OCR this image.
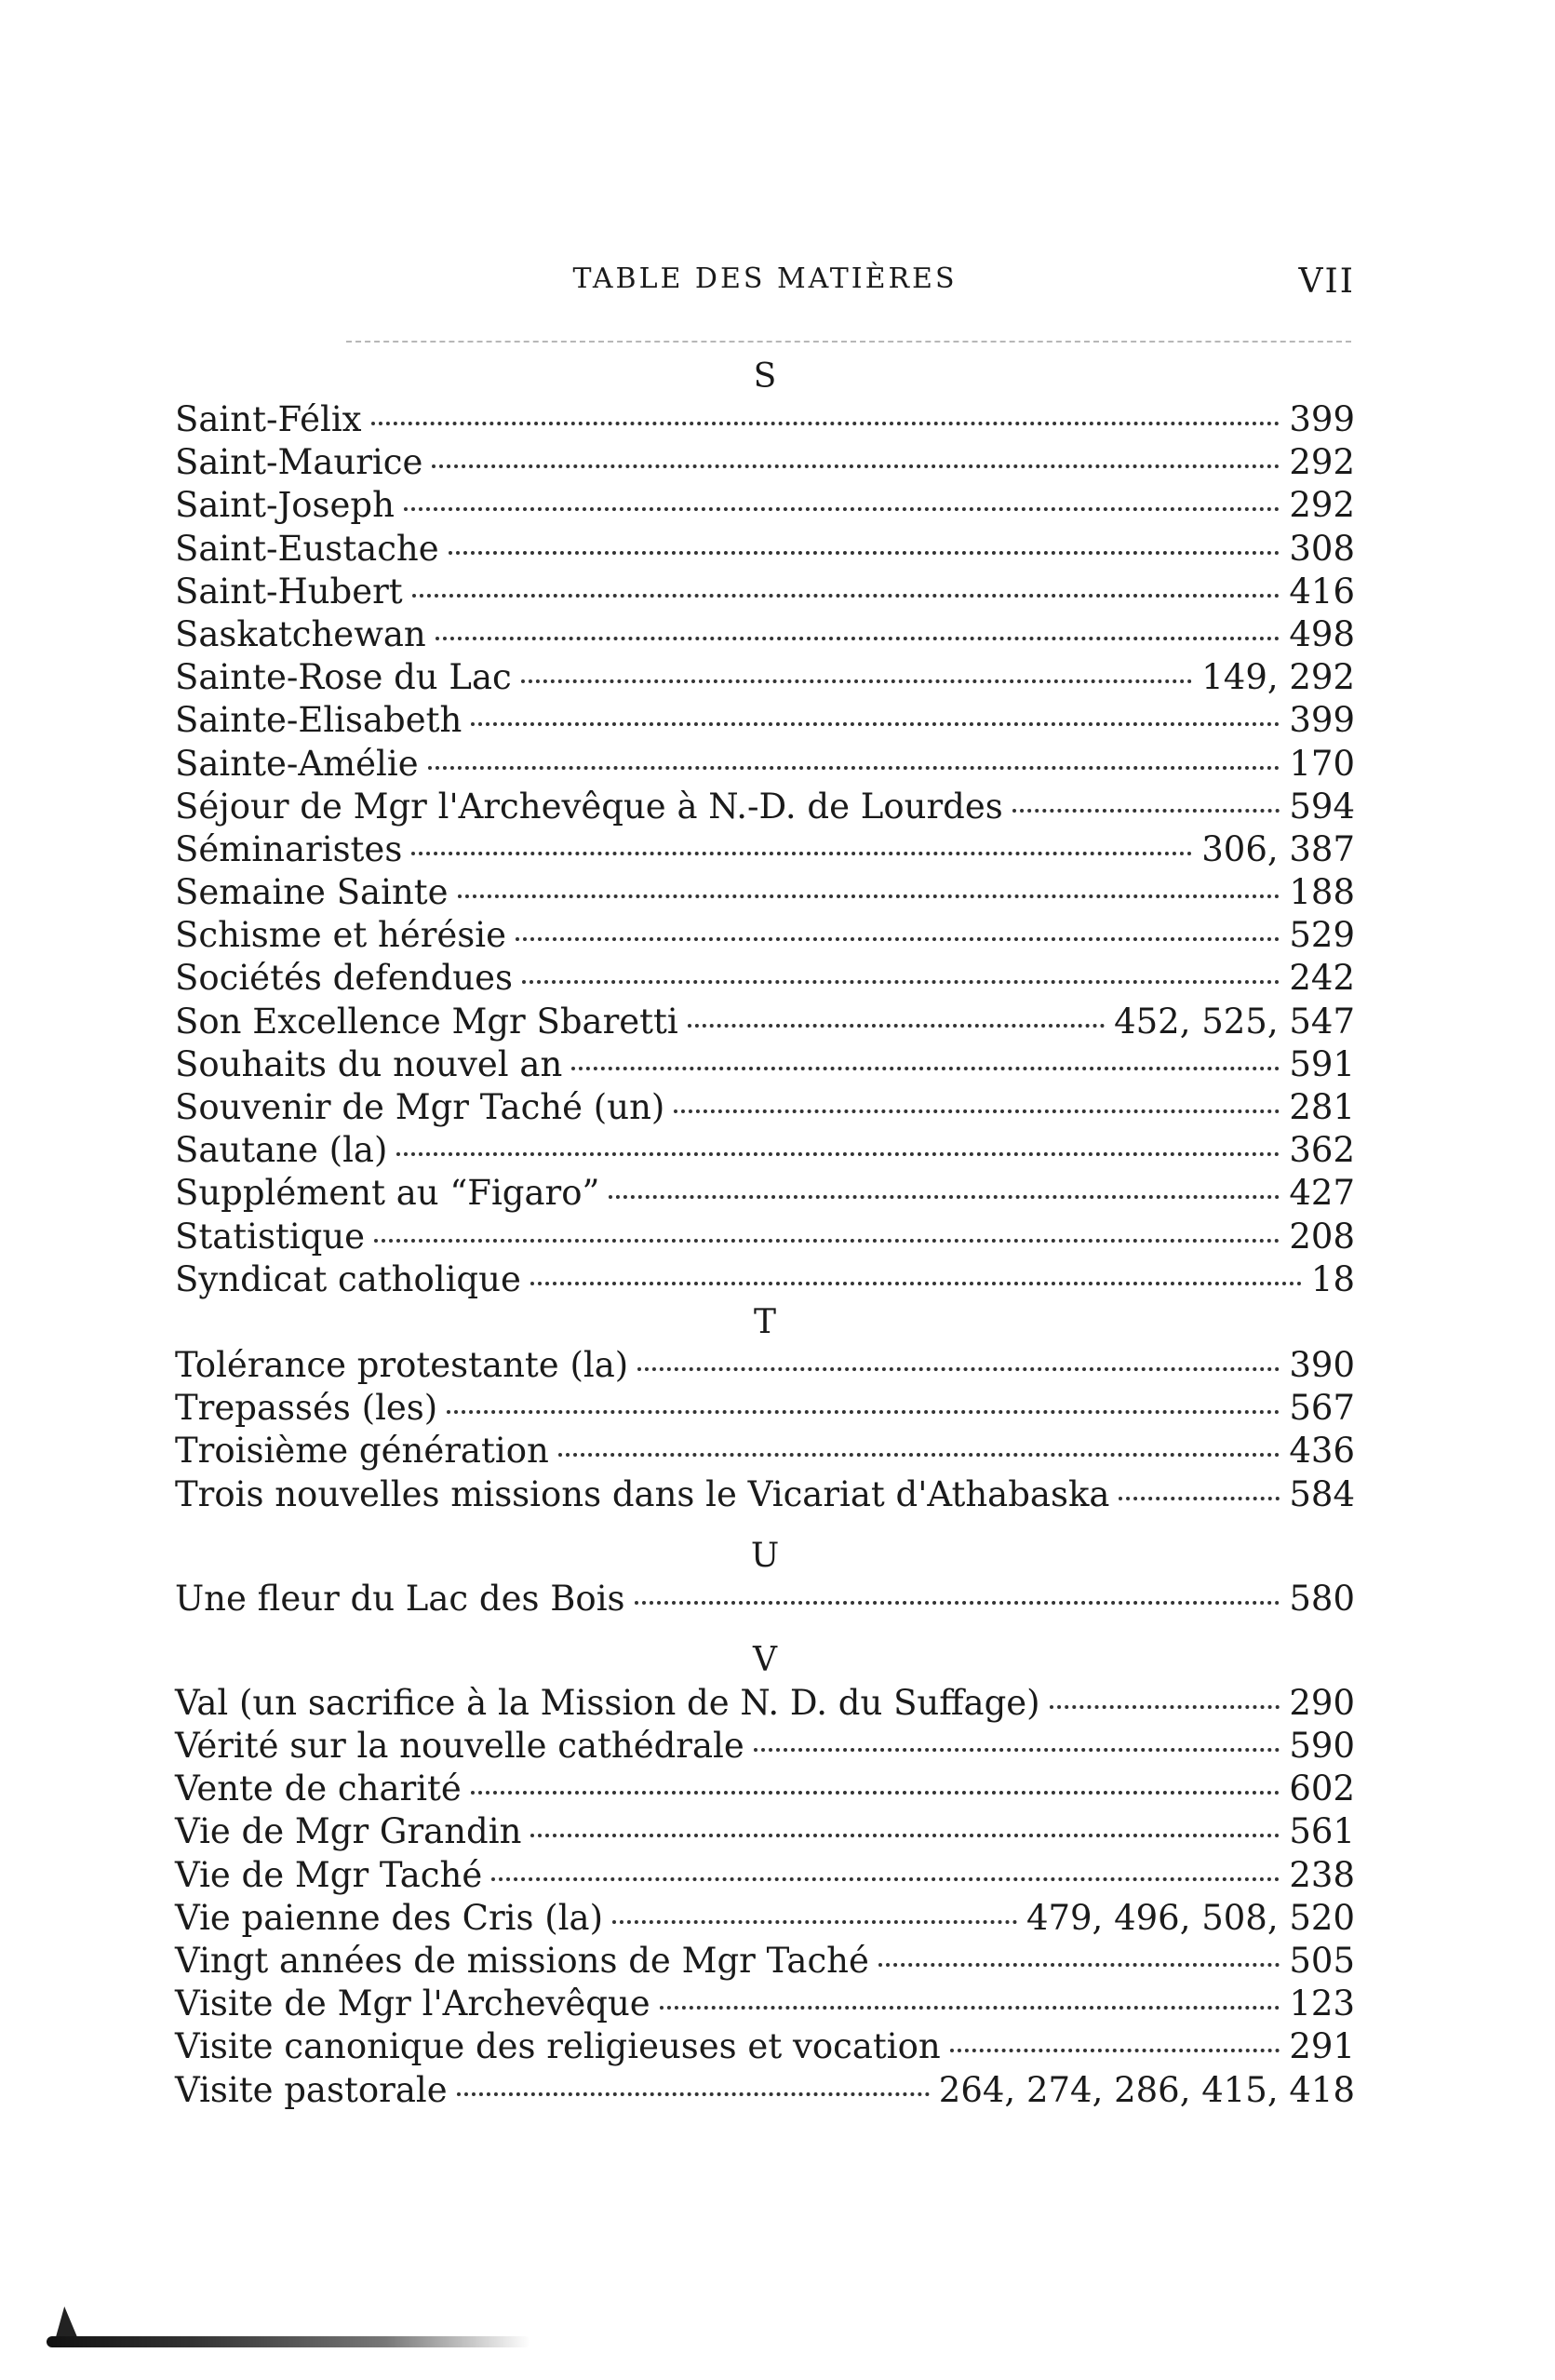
TABLE DES MATIÈRES	VII
S
Saint-Félix	399
Saint-Maurice	292
Saint-Joseph	292
Saint-Eustache	308
Saint-Hubert	416
Saskatchewan	498
Sainte-Rose du Lac	149, 292
Sainte-Elisabeth	399
Sainte-Amélie	170
Séjour de Mgr l'Archevêque à N.-D. de Lourdes	594
Séminaristes	306, 387
Semaine Sainte	188
Schisme et hérésie	529
Sociétés defendues	242
Son Excellence Mgr Sbaretti	452, 525, 547
Souhaits du nouvel an	591
Souvenir de Mgr Taché (un)	281
Sautane (la)	362
Supplément au “Figaro”	427
Statistique	208
Syndicat catholique	18
T
Tolérance protestante (la)	390
Trepassés (les)	567
Troisième génération	436
Trois nouvelles missions dans le Vicariat d'Athabaska	584
U
Une fleur du Lac des Bois	580
V
Val (un sacrifice à la Mission de N. D. du Suffage)	290
Vérité sur la nouvelle cathédrale	590
Vente de charité	602
Vie de Mgr Grandin	561
Vie de Mgr Taché	238
Vie paienne des Cris (la)	479, 496, 508, 520
Vingt années de missions de Mgr Taché	505
Visite de Mgr l'Archevêque	123
Visite canonique des religieuses et vocation	291
Visite pastorale	264, 274, 286, 415, 418
